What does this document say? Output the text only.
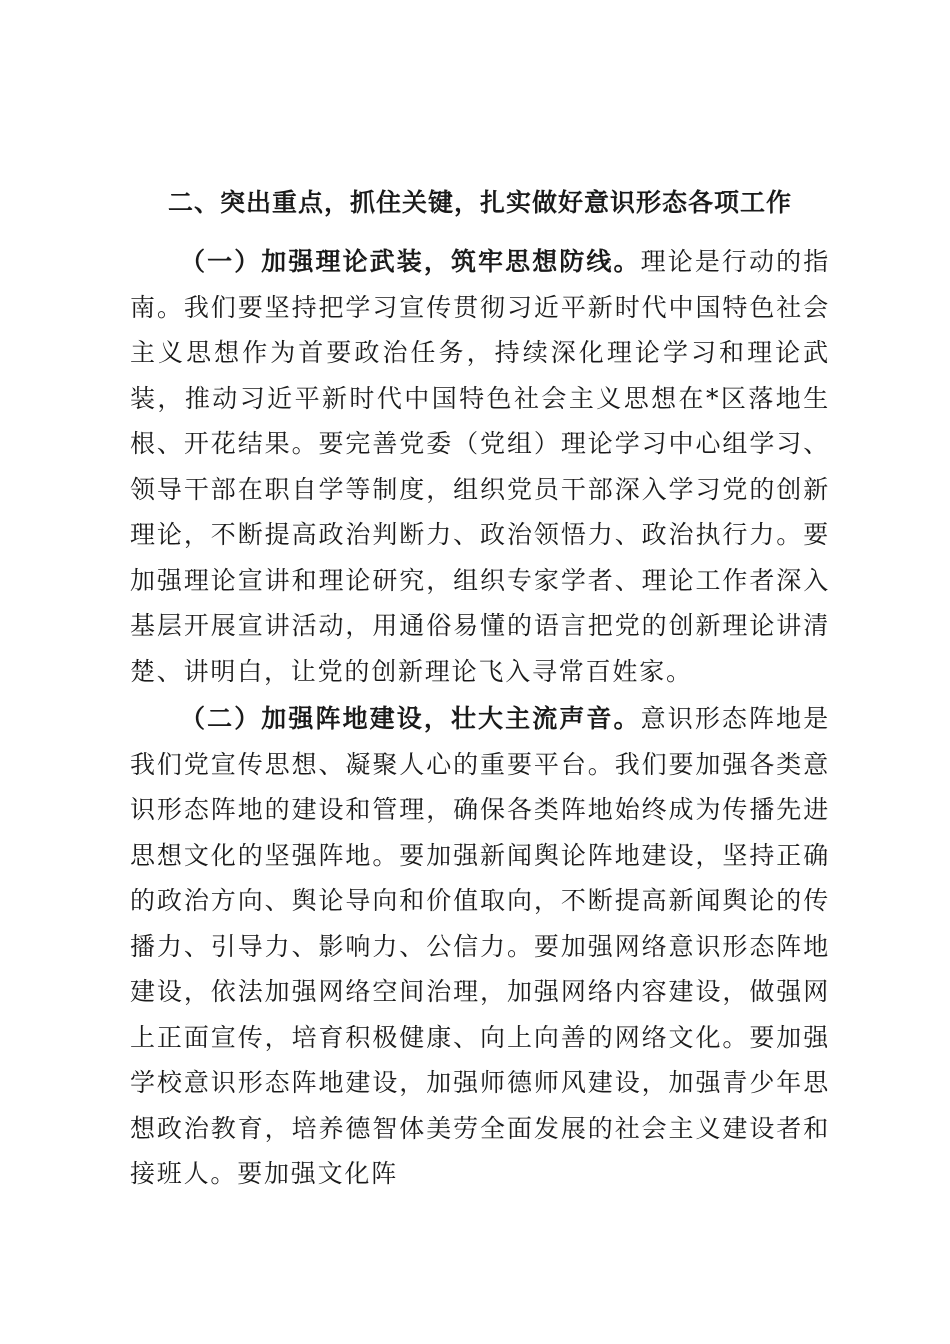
二、突出重点，抓住关键，扎实做好意识形态各项工作

（一）加强理论武装，筑牢思想防线。理论是行动的指南。我们要坚持把学习宣传贯彻习近平新时代中国特色社会主义思想作为首要政治任务，持续深化理论学习和理论武装，推动习近平新时代中国特色社会主义思想在*区落地生根、开花结果。要完善党委（党组）理论学习中心组学习、领导干部在职自学等制度，组织党员干部深入学习党的创新理论，不断提高政治判断力、政治领悟力、政治执行力。要加强理论宣讲和理论研究，组织专家学者、理论工作者深入基层开展宣讲活动，用通俗易懂的语言把党的创新理论讲清楚、讲明白，让党的创新理论飞入寻常百姓家。

（二）加强阵地建设，壮大主流声音。意识形态阵地是我们党宣传思想、凝聚人心的重要平台。我们要加强各类意识形态阵地的建设和管理，确保各类阵地始终成为传播先进思想文化的坚强阵地。要加强新闻舆论阵地建设，坚持正确的政治方向、舆论导向和价值取向，不断提高新闻舆论的传播力、引导力、影响力、公信力。要加强网络意识形态阵地建设，依法加强网络空间治理，加强网络内容建设，做强网上正面宣传，培育积极健康、向上向善的网络文化。要加强学校意识形态阵地建设，加强师德师风建设，加强青少年思想政治教育，培养德智体美劳全面发展的社会主义建设者和接班人。要加强文化阵
